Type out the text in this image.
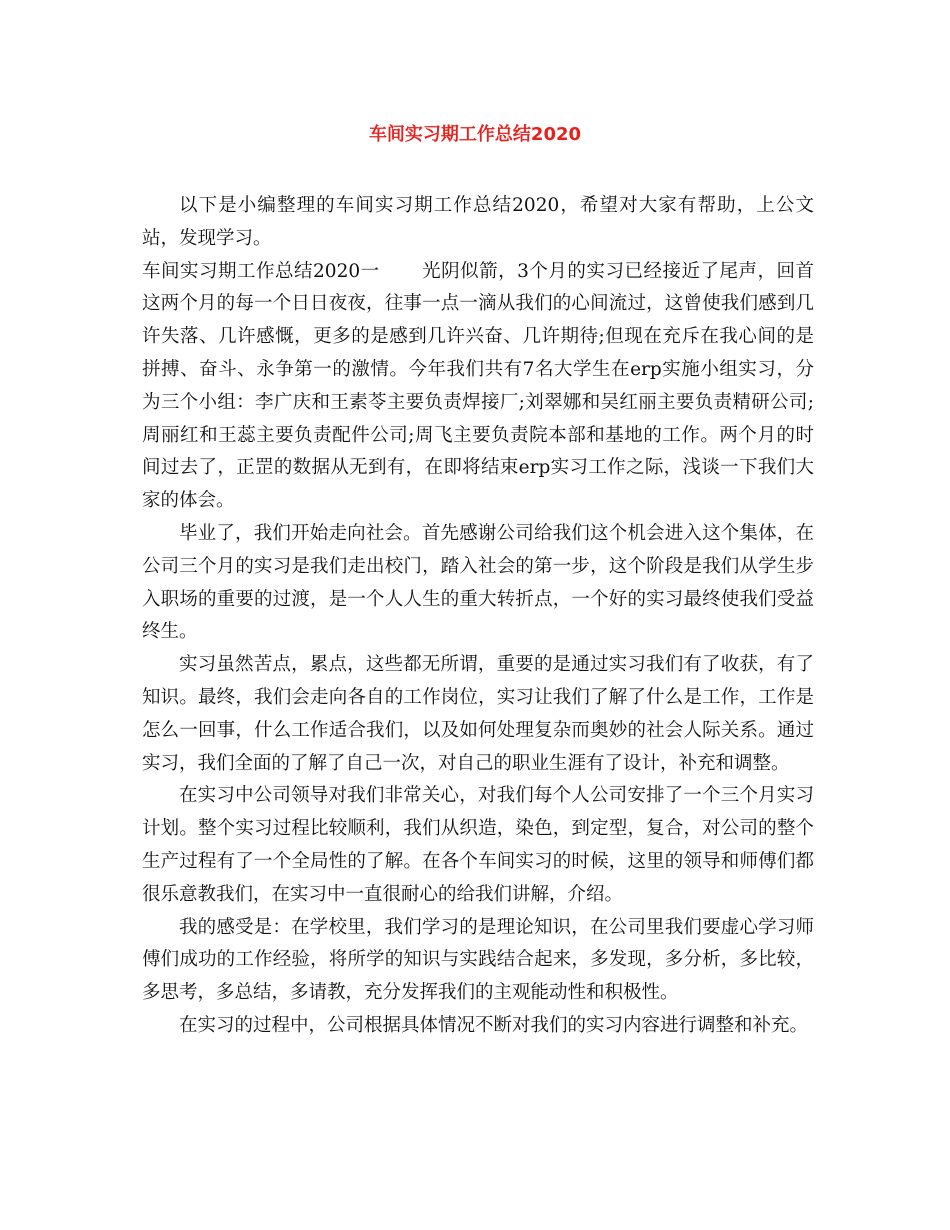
车间实习期工作总结2020

以下是小编整理的车间实习期工作总结2020，希望对大家有帮助，上公文站，发现学习。

车间实习期工作总结2020一 光阴似箭，3个月的实习已经接近了尾声，回首这两个月的每一个日日夜夜，往事一点一滴从我们的心间流过，这曾使我们感到几许失落、几许感慨，更多的是感到几许兴奋、几许期待;但现在充斥在我心间的是拼搏、奋斗、永争第一的激情。今年我们共有7名大学生在erp实施小组实习，分为三个小组：李广庆和王素苓主要负责焊接厂;刘翠娜和吴红丽主要负责精研公司;周丽红和王蕊主要负责配件公司;周飞主要负责院本部和基地的工作。两个月的时间过去了，正罡的数据从无到有，在即将结束erp实习工作之际，浅谈一下我们大家的体会。

毕业了，我们开始走向社会。首先感谢公司给我们这个机会进入这个集体，在公司三个月的实习是我们走出校门，踏入社会的第一步，这个阶段是我们从学生步入职场的重要的过渡，是一个人人生的重大转折点，一个好的实习最终使我们受益终生。

实习虽然苦点，累点，这些都无所谓，重要的是通过实习我们有了收获，有了知识。最终，我们会走向各自的工作岗位，实习让我们了解了什么是工作，工作是怎么一回事，什么工作适合我们，以及如何处理复杂而奥妙的社会人际关系。通过实习，我们全面的了解了自己一次，对自己的职业生涯有了设计，补充和调整。

在实习中公司领导对我们非常关心，对我们每个人公司安排了一个三个月实习计划。整个实习过程比较顺利，我们从织造，染色，到定型，复合，对公司的整个生产过程有了一个全局性的了解。在各个车间实习的时候，这里的领导和师傅们都很乐意教我们，在实习中一直很耐心的给我们讲解，介绍。

我的感受是：在学校里，我们学习的是理论知识，在公司里我们要虚心学习师傅们成功的工作经验，将所学的知识与实践结合起来，多发现，多分析，多比较，多思考，多总结，多请教，充分发挥我们的主观能动性和积极性。

在实习的过程中，公司根据具体情况不断对我们的实习内容进行调整和补充。
